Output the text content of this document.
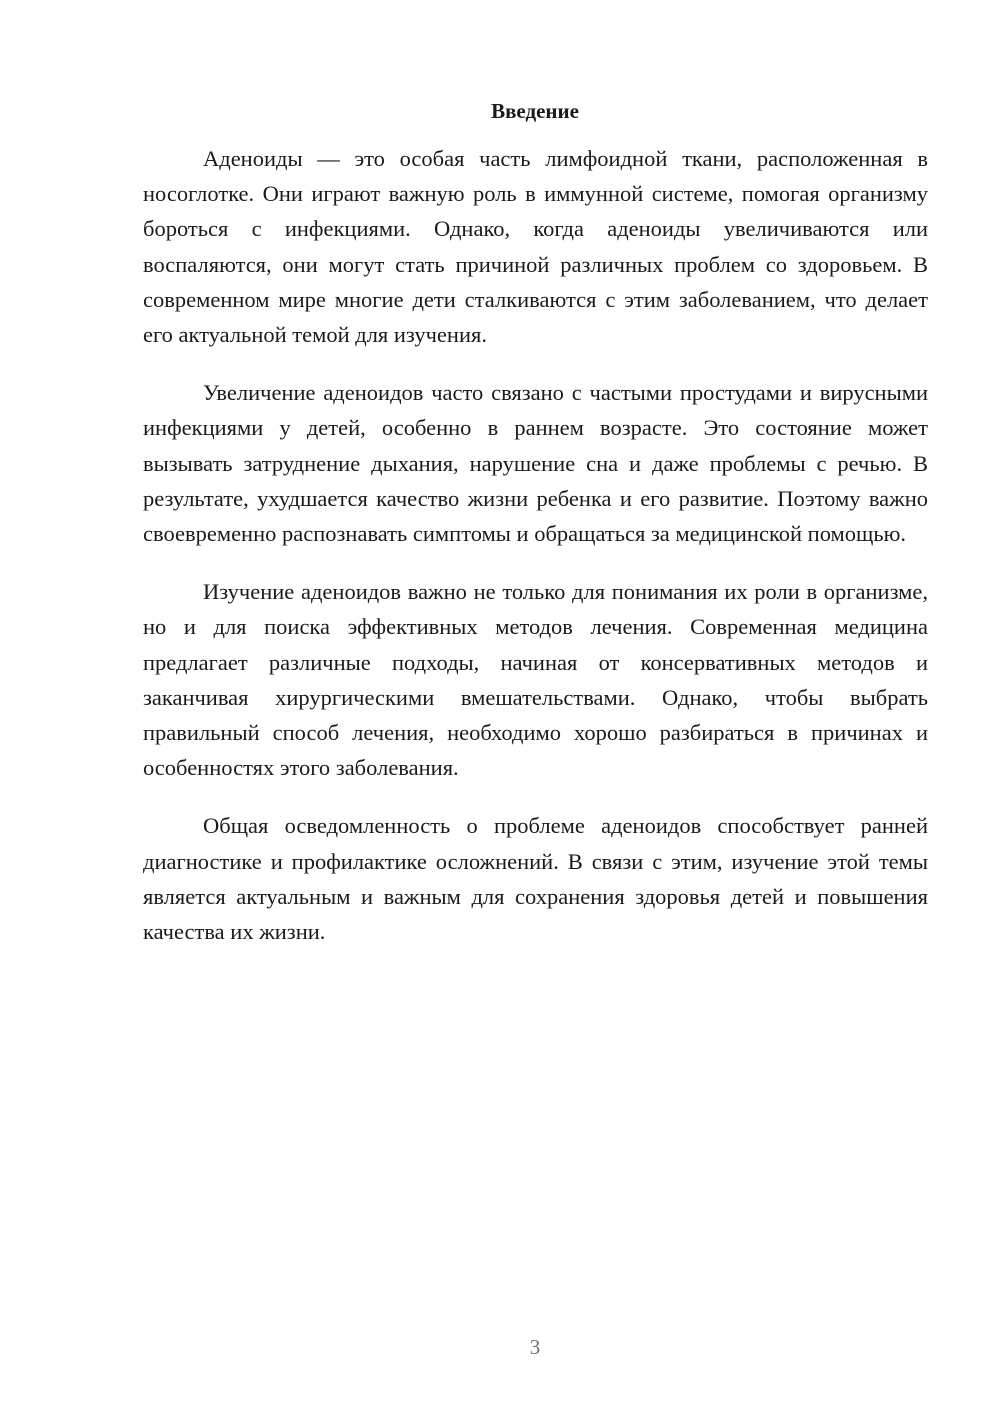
Введение

Аденоиды — это особая часть лимфоидной ткани, расположенная в носоглотке. Они играют важную роль в иммунной системе, помогая организму бороться с инфекциями. Однако, когда аденоиды увеличиваются или воспаляются, они могут стать причиной различных проблем со здоровьем. В современном мире многие дети сталкиваются с этим заболеванием, что делает его актуальной темой для изучения.

Увеличение аденоидов часто связано с частыми простудами и вирусными инфекциями у детей, особенно в раннем возрасте. Это состояние может вызывать затруднение дыхания, нарушение сна и даже проблемы с речью. В результате, ухудшается качество жизни ребенка и его развитие. Поэтому важно своевременно распознавать симптомы и обращаться за медицинской помощью.

Изучение аденоидов важно не только для понимания их роли в организме, но и для поиска эффективных методов лечения. Современная медицина предлагает различные подходы, начиная от консервативных методов и заканчивая хирургическими вмешательствами. Однако, чтобы выбрать правильный способ лечения, необходимо хорошо разбираться в причинах и особенностях этого заболевания.

Общая осведомленность о проблеме аденоидов способствует ранней диагностике и профилактике осложнений. В связи с этим, изучение этой темы является актуальным и важным для сохранения здоровья детей и повышения качества их жизни.

3
